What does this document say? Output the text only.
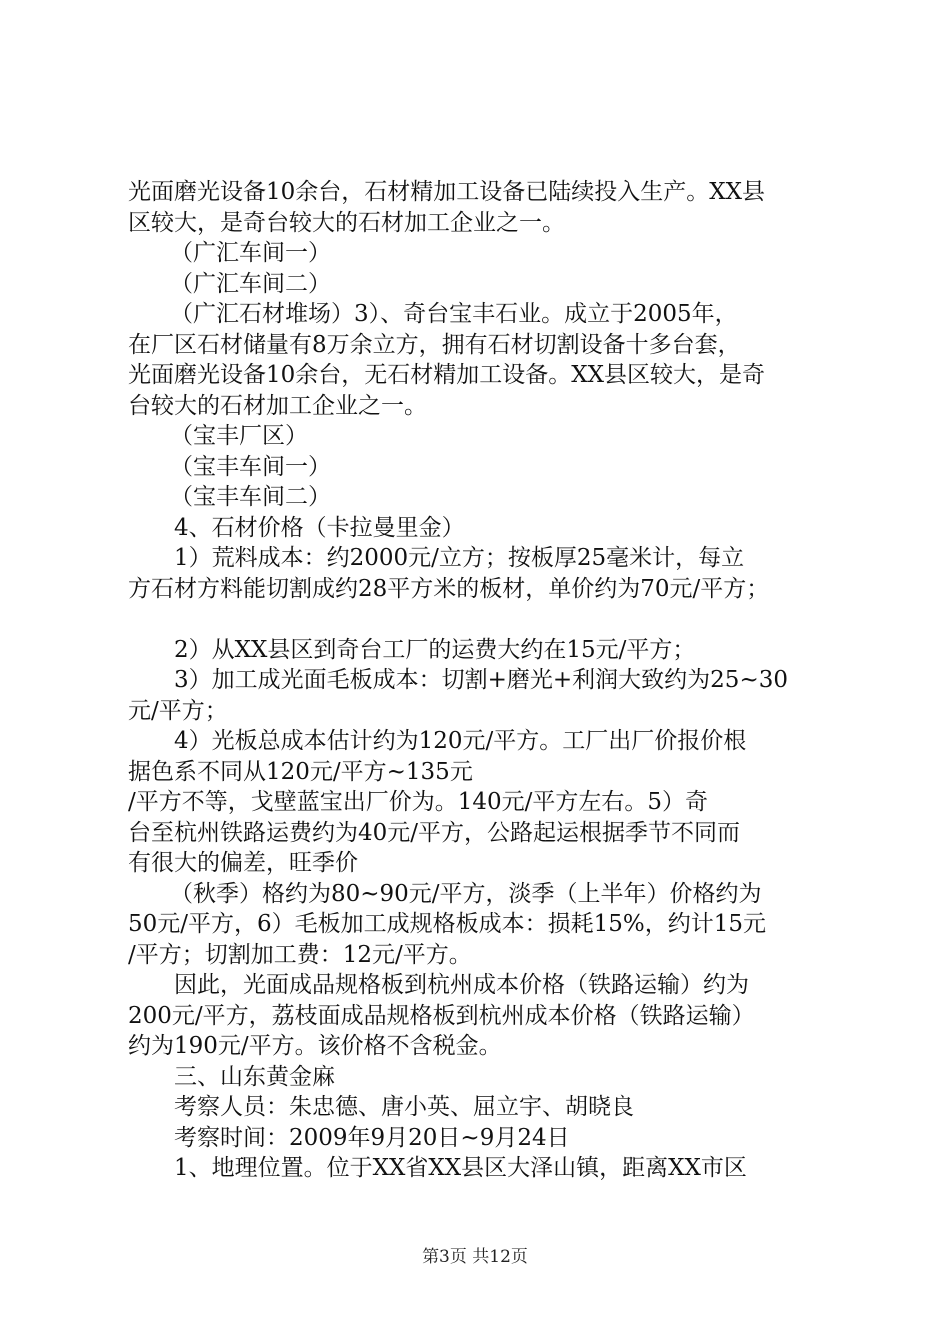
光面磨光设备10余台，石材精加工设备已陆续投入生产。XX县
区较大，是奇台较大的石材加工企业之一。
（广汇车间一）
（广汇车间二）
（广汇石材堆场）3）、奇台宝丰石业。成立于2005年，
在厂区石材储量有8万余立方，拥有石材切割设备十多台套，
光面磨光设备10余台，无石材精加工设备。XX县区较大，是奇
台较大的石材加工企业之一。
（宝丰厂区）
（宝丰车间一）
（宝丰车间二）
4、石材价格（卡拉曼里金）
1）荒料成本：约2000元/立方；按板厚25毫米计，每立
方石材方料能切割成约28平方米的板材，单价约为70元/平方；
2）从XX县区到奇台工厂的运费大约在15元/平方；
3）加工成光面毛板成本：切割+磨光+利润大致约为25~30
元/平方；
4）光板总成本估计约为120元/平方。工厂出厂价报价根
据色系不同从120元/平方~135元
/平方不等，戈壁蓝宝出厂价为。140元/平方左右。5）奇
台至杭州铁路运费约为40元/平方，公路起运根据季节不同而
有很大的偏差，旺季价
（秋季）格约为80~90元/平方，淡季（上半年）价格约为
50元/平方，6）毛板加工成规格板成本：损耗15%，约计15元
/平方；切割加工费：12元/平方。
因此，光面成品规格板到杭州成本价格（铁路运输）约为
200元/平方，荔枝面成品规格板到杭州成本价格（铁路运输）
约为190元/平方。该价格不含税金。
三、山东黄金麻
考察人员：朱忠德、唐小英、屈立宇、胡晓良
考察时间：2009年9月20日~9月24日
1、地理位置。位于XX省XX县区大泽山镇，距离XX市区
第3页 共12页
